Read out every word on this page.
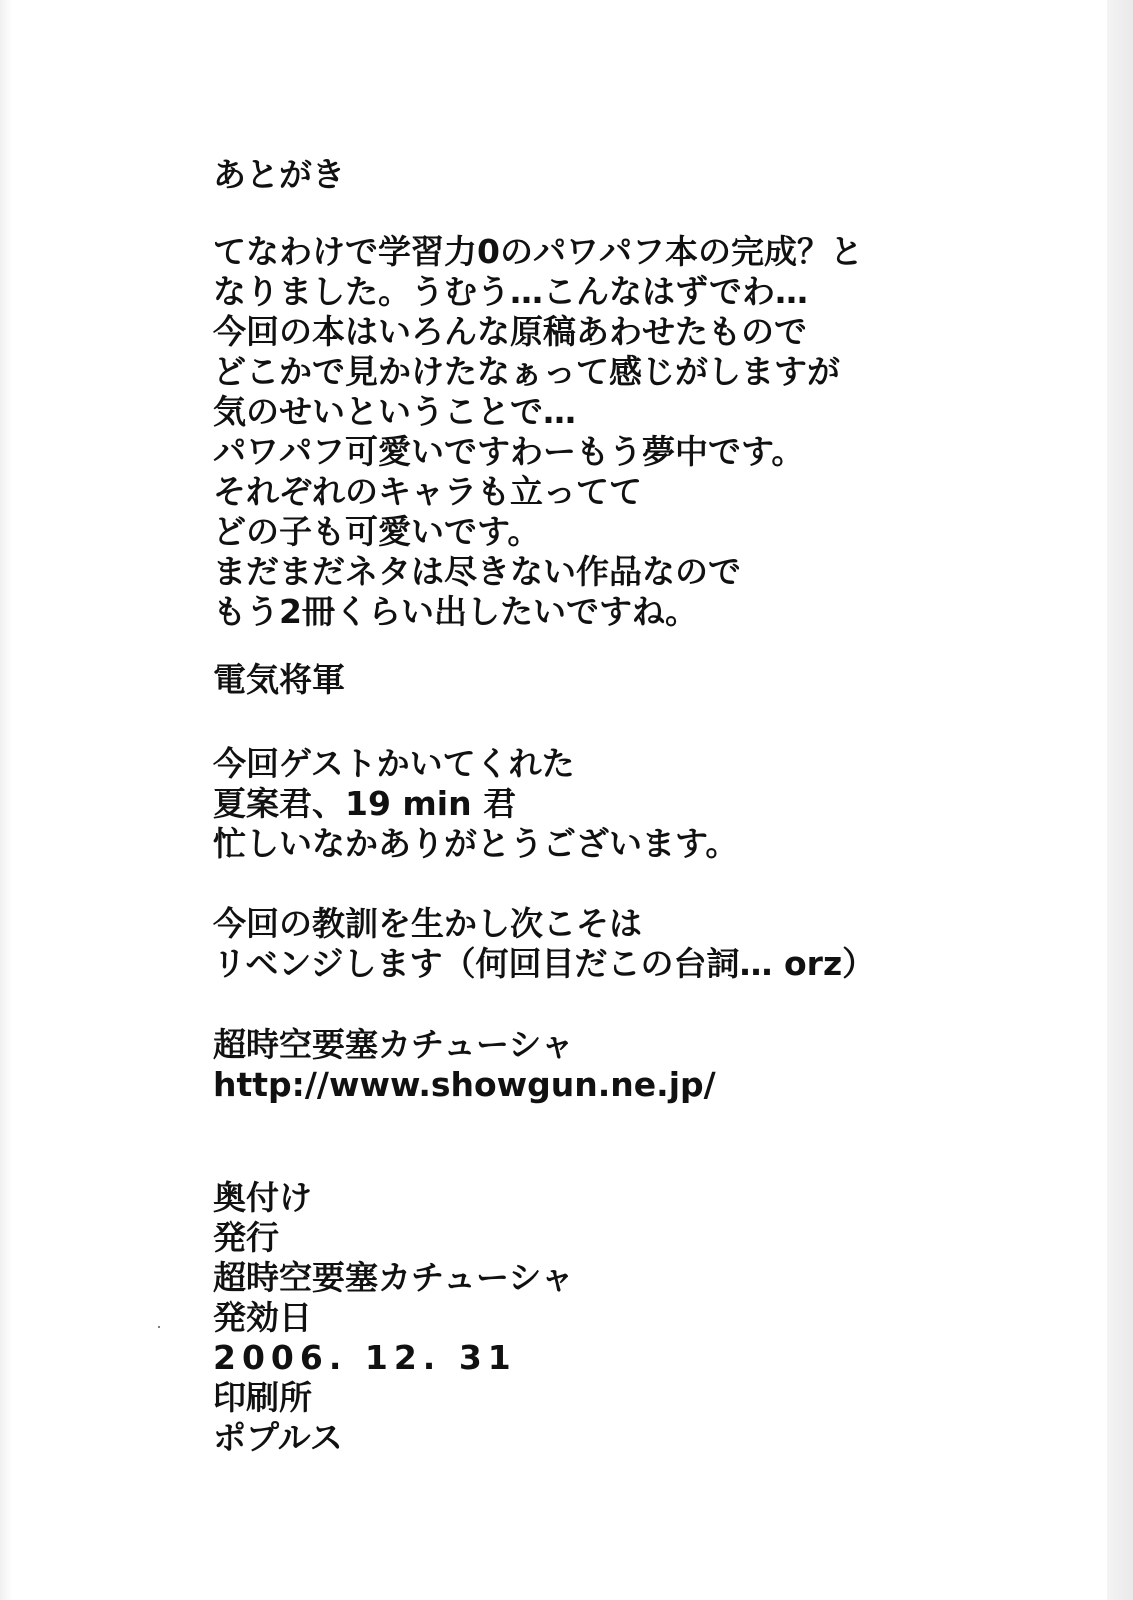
あとがき
てなわけで学習力0のパワパフ本の完成？と
なりました。うむう…こんなはずでわ…
今回の本はいろんな原稿あわせたもので
どこかで見かけたなぁって感じがしますが
気のせいということで…
パワパフ可愛いですわーもう夢中です。
それぞれのキャラも立ってて
どの子も可愛いです。
まだまだネタは尽きない作品なので
もう2冊くらい出したいですね。
電気将軍
今回ゲストかいてくれた
夏案君、19 min 君
忙しいなかありがとうございます。
今回の教訓を生かし次こそは
リベンジします（何回目だこの台詞… orz）
超時空要塞カチューシャ
http://www.showgun.ne.jp/
奥付け
発行
超時空要塞カチューシャ
発効日
2006. 12. 31
印刷所
ポプルス
